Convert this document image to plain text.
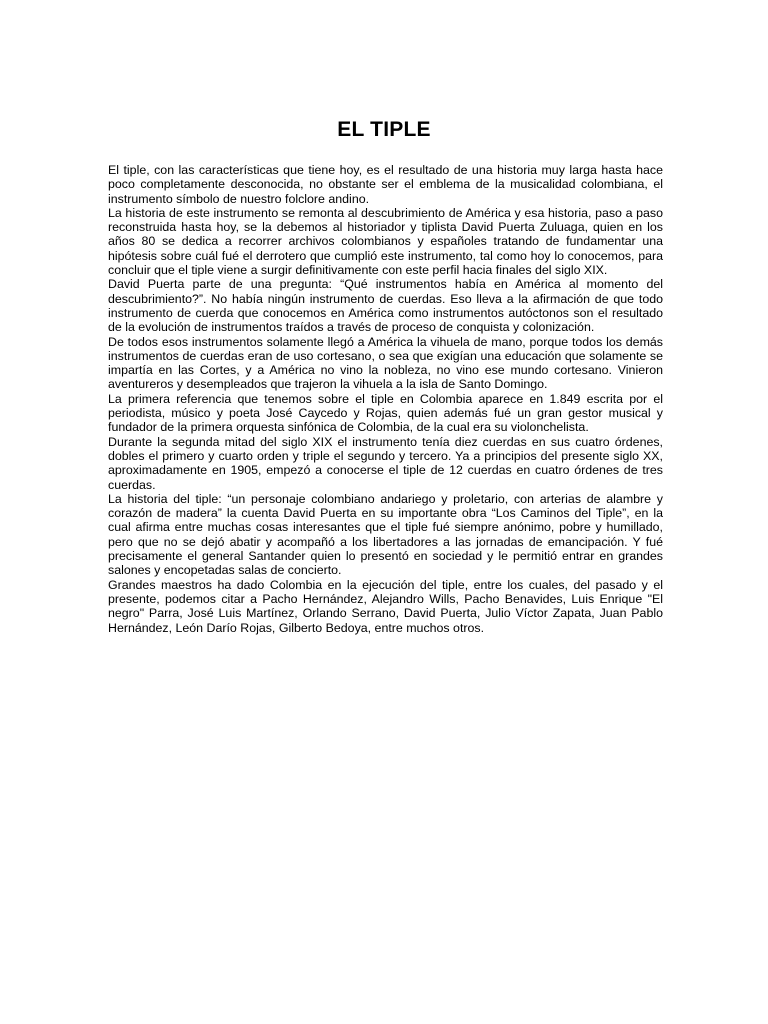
EL TIPLE

El tiple, con las características que tiene hoy, es el resultado de una historia muy larga hasta hace poco completamente desconocida, no obstante ser el emblema de la musicalidad colombiana, el instrumento símbolo de nuestro folclore andino.

La historia de este instrumento se remonta al descubrimiento de América y esa historia, paso a paso reconstruida hasta hoy, se la debemos al historiador y tiplista David Puerta Zuluaga, quien en los años 80 se dedica a recorrer archivos colombianos y españoles tratando de fundamentar una hipótesis sobre cuál fué el derrotero que cumplió este instrumento, tal como hoy lo conocemos, para concluir que el tiple viene a surgir definitivamente con este perfil hacia finales del siglo XIX.

David Puerta parte de una pregunta: “Qué instrumentos había en América al momento del descubrimiento?”. No había ningún instrumento de cuerdas. Eso lleva a la afirmación de que todo instrumento de cuerda que conocemos en América como instrumentos autóctonos son el resultado de la evolución de instrumentos traídos a través de proceso de conquista y colonización.

De todos esos instrumentos solamente llegó a América la vihuela de mano, porque todos los demás instrumentos de cuerdas eran de uso cortesano, o sea que exigían una educación que solamente se impartía en las Cortes, y a América no vino la nobleza, no vino ese mundo cortesano. Vinieron aventureros y desempleados que trajeron la vihuela a la isla de Santo Domingo.

La primera referencia que tenemos sobre el tiple en Colombia aparece en 1.849 escrita por el periodista, músico y poeta José Caycedo y Rojas, quien además fué un gran gestor musical y fundador de la primera orquesta sinfónica de Colombia, de la cual era su violonchelista.

Durante la segunda mitad del siglo XIX el instrumento tenía diez cuerdas en sus cuatro órdenes, dobles el primero y cuarto orden y triple el segundo y tercero. Ya a principios del presente siglo XX, aproximadamente en 1905, empezó a conocerse el tiple de 12 cuerdas en cuatro órdenes de tres cuerdas.

La historia del tiple: “un personaje colombiano andariego y proletario, con arterias de alambre y corazón de madera” la cuenta David Puerta en su importante obra “Los Caminos del Tiple”, en la cual afirma entre muchas cosas interesantes que el tiple fué siempre anónimo, pobre y humillado, pero que no se dejó abatir y acompañó a los libertadores a las jornadas de emancipación. Y fué precisamente el general Santander quien lo presentó en sociedad y le permitió entrar en grandes salones y encopetadas salas de concierto.

Grandes maestros ha dado Colombia en la ejecución del tiple, entre los cuales, del pasado y el presente, podemos citar a Pacho Hernández, Alejandro Wills, Pacho Benavides, Luis Enrique "El negro" Parra, José Luis Martínez, Orlando Serrano, David Puerta, Julio Víctor Zapata, Juan Pablo Hernández, León Darío Rojas, Gilberto Bedoya, entre muchos otros.
